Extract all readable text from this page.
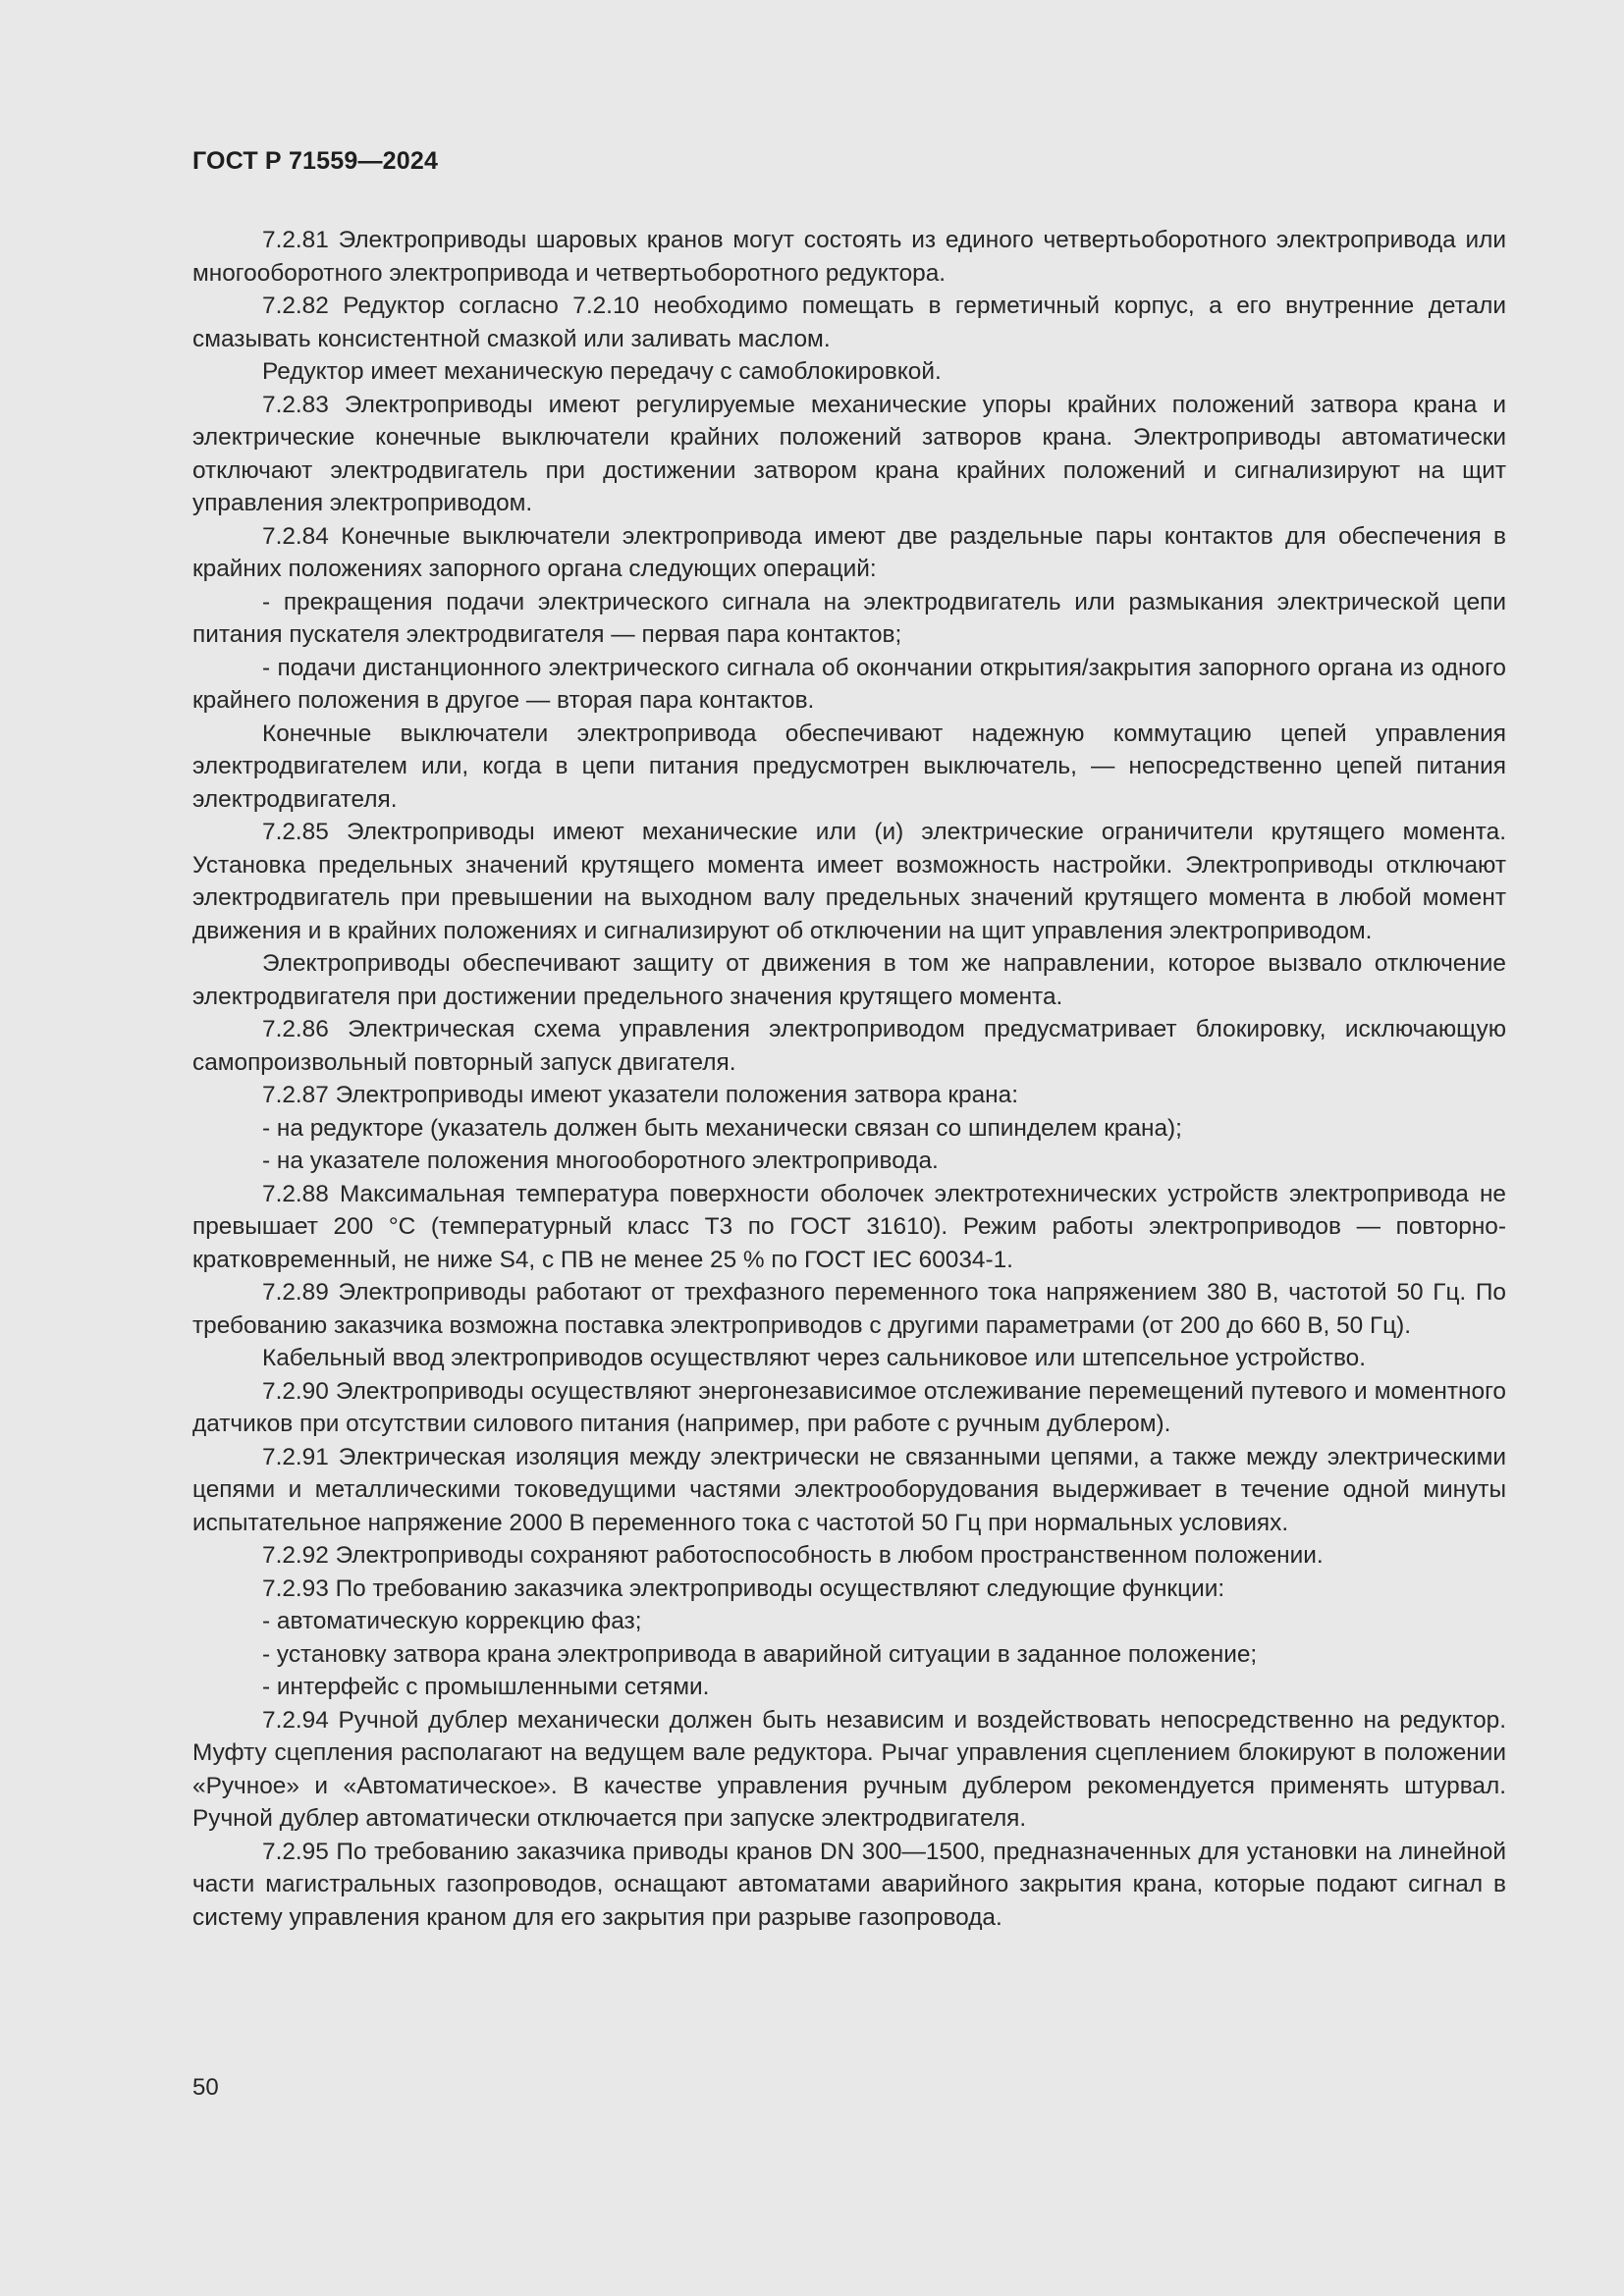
ГОСТ Р 71559—2024

7.2.81 Электроприводы шаровых кранов могут состоять из единого четвертьоборотного электропривода или многооборотного электропривода и четвертьоборотного редуктора.

7.2.82 Редуктор согласно 7.2.10 необходимо помещать в герметичный корпус, а его внутренние детали смазывать консистентной смазкой или заливать маслом.

Редуктор имеет механическую передачу с самоблокировкой.

7.2.83 Электроприводы имеют регулируемые механические упоры крайних положений затвора крана и электрические конечные выключатели крайних положений затворов крана. Электроприводы автоматически отключают электродвигатель при достижении затвором крана крайних положений и сигнализируют на щит управления электроприводом.

7.2.84 Конечные выключатели электропривода имеют две раздельные пары контактов для обеспечения в крайних положениях запорного органа следующих операций:

- прекращения подачи электрического сигнала на электродвигатель или размыкания электрической цепи питания пускателя электродвигателя — первая пара контактов;

- подачи дистанционного электрического сигнала об окончании открытия/закрытия запорного органа из одного крайнего положения в другое — вторая пара контактов.

Конечные выключатели электропривода обеспечивают надежную коммутацию цепей управления электродвигателем или, когда в цепи питания предусмотрен выключатель, — непосредственно цепей питания электродвигателя.

7.2.85 Электроприводы имеют механические или (и) электрические ограничители крутящего момента. Установка предельных значений крутящего момента имеет возможность настройки. Электроприводы отключают электродвигатель при превышении на выходном валу предельных значений крутящего момента в любой момент движения и в крайних положениях и сигнализируют об отключении на щит управления электроприводом.

Электроприводы обеспечивают защиту от движения в том же направлении, которое вызвало отключение электродвигателя при достижении предельного значения крутящего момента.

7.2.86 Электрическая схема управления электроприводом предусматривает блокировку, исключающую самопроизвольный повторный запуск двигателя.

7.2.87 Электроприводы имеют указатели положения затвора крана:

- на редукторе (указатель должен быть механически связан со шпинделем крана);

- на указателе положения многооборотного электропривода.

7.2.88 Максимальная температура поверхности оболочек электротехнических устройств электропривода не превышает 200 °С (температурный класс Т3 по ГОСТ 31610). Режим работы электроприводов — повторно-кратковременный, не ниже S4, с ПВ не менее 25 % по ГОСТ IEC 60034-1.

7.2.89 Электроприводы работают от трехфазного переменного тока напряжением 380 В, частотой 50 Гц. По требованию заказчика возможна поставка электроприводов с другими параметрами (от 200 до 660 В, 50 Гц).

Кабельный ввод электроприводов осуществляют через сальниковое или штепсельное устройство.

7.2.90 Электроприводы осуществляют энергонезависимое отслеживание перемещений путевого и моментного датчиков при отсутствии силового питания (например, при работе с ручным дублером).

7.2.91 Электрическая изоляция между электрически не связанными цепями, а также между электрическими цепями и металлическими токоведущими частями электрооборудования выдерживает в течение одной минуты испытательное напряжение 2000 В переменного тока с частотой 50 Гц при нормальных условиях.

7.2.92 Электроприводы сохраняют работоспособность в любом пространственном положении.

7.2.93 По требованию заказчика электроприводы осуществляют следующие функции:

- автоматическую коррекцию фаз;

- установку затвора крана электропривода в аварийной ситуации в заданное положение;

- интерфейс с промышленными сетями.

7.2.94 Ручной дублер механически должен быть независим и воздействовать непосредственно на редуктор. Муфту сцепления располагают на ведущем вале редуктора. Рычаг управления сцеплением блокируют в положении «Ручное» и «Автоматическое». В качестве управления ручным дублером рекомендуется применять штурвал. Ручной дублер автоматически отключается при запуске электродвигателя.

7.2.95 По требованию заказчика приводы кранов DN 300—1500, предназначенных для установки на линейной части магистральных газопроводов, оснащают автоматами аварийного закрытия крана, которые подают сигнал в систему управления краном для его закрытия при разрыве газопровода.

50
